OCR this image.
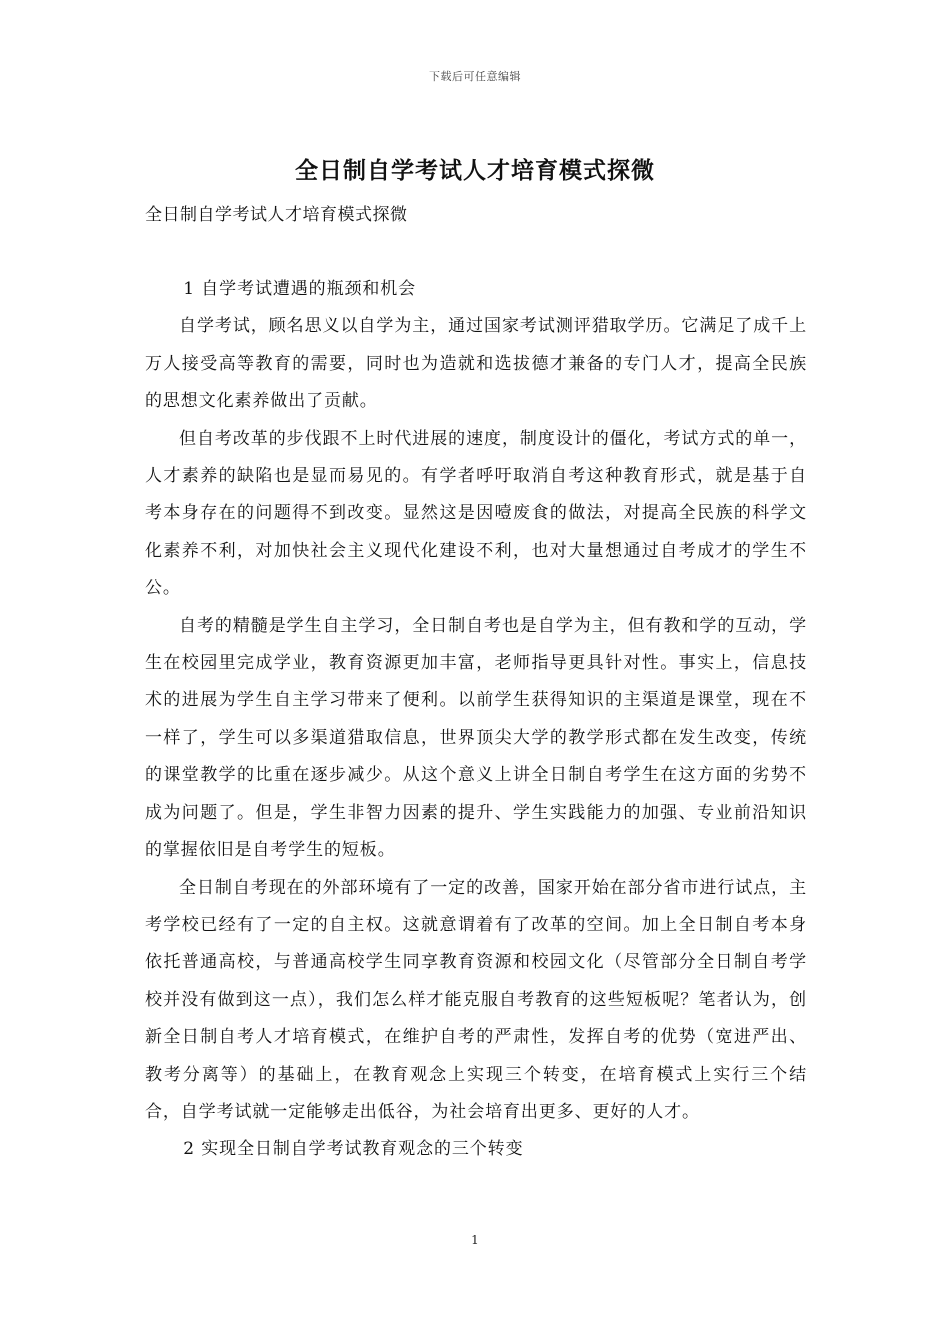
下载后可任意编辑
全日制自学考试人才培育模式探微
全日制自学考试人才培育模式探微

1 自学考试遭遇的瓶颈和机会

自学考试，顾名思义以自学为主，通过国家考试测评猎取学历。它满足了成千上万人接受高等教育的需要，同时也为造就和选拔德才兼备的专门人才，提高全民族的思想文化素养做出了贡献。

但自考改革的步伐跟不上时代进展的速度，制度设计的僵化，考试方式的单一，人才素养的缺陷也是显而易见的。有学者呼吁取消自考这种教育形式，就是基于自考本身存在的问题得不到改变。显然这是因噎废食的做法，对提高全民族的科学文化素养不利，对加快社会主义现代化建设不利，也对大量想通过自考成才的学生不公。

自考的精髓是学生自主学习，全日制自考也是自学为主，但有教和学的互动，学生在校园里完成学业，教育资源更加丰富，老师指导更具针对性。事实上，信息技术的进展为学生自主学习带来了便利。以前学生获得知识的主渠道是课堂，现在不一样了，学生可以多渠道猎取信息，世界顶尖大学的教学形式都在发生改变，传统的课堂教学的比重在逐步减少。从这个意义上讲全日制自考学生在这方面的劣势不成为问题了。但是，学生非智力因素的提升、学生实践能力的加强、专业前沿知识的掌握依旧是自考学生的短板。

全日制自考现在的外部环境有了一定的改善，国家开始在部分省市进行试点，主考学校已经有了一定的自主权。这就意谓着有了改革的空间。加上全日制自考本身依托普通高校，与普通高校学生同享教育资源和校园文化（尽管部分全日制自考学校并没有做到这一点），我们怎么样才能克服自考教育的这些短板呢？笔者认为，创新全日制自考人才培育模式，在维护自考的严肃性，发挥自考的优势（宽进严出、教考分离等）的基础上，在教育观念上实现三个转变，在培育模式上实行三个结合，自学考试就一定能够走出低谷，为社会培育出更多、更好的人才。

2 实现全日制自学考试教育观念的三个转变

1
